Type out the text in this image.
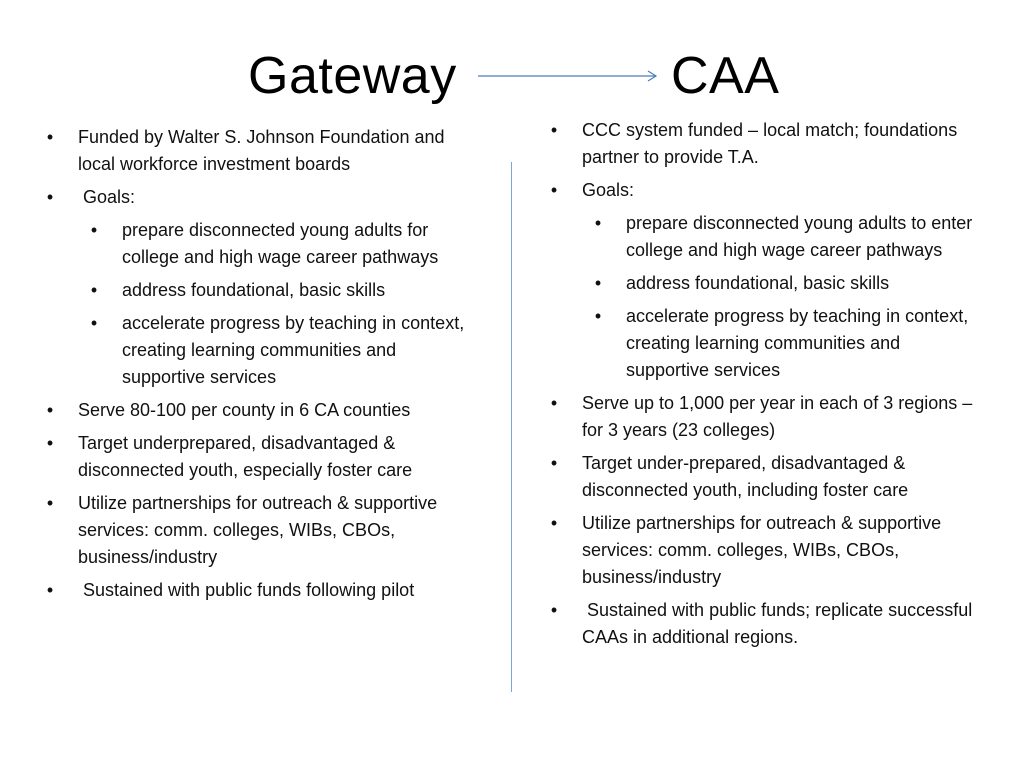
Gateway	CAA
• Funded by Walter S. Johnson Foundation and local workforce investment boards
• Goals:
• prepare disconnected young adults for college and high wage career pathways
• address foundational, basic skills
• accelerate progress by teaching in context, creating learning communities and supportive services
• Serve 80-100 per county in 6 CA counties
• Target underprepared, disadvantaged & disconnected youth, especially foster care
• Utilize partnerships for outreach & supportive services: comm. colleges, WIBs, CBOs, business/industry
• Sustained with public funds following pilot
• CCC system funded – local match; foundations partner to provide T.A.
• Goals:
• prepare disconnected young adults to enter college and high wage career pathways
• address foundational, basic skills
• accelerate progress by teaching in context, creating learning communities and supportive services
• Serve up to 1,000 per year in each of 3 regions – for 3 years (23 colleges)
• Target under-prepared, disadvantaged & disconnected youth, including foster care
• Utilize partnerships for outreach & supportive services: comm. colleges, WIBs, CBOs, business/industry
• Sustained with public funds; replicate successful CAAs in additional regions.
